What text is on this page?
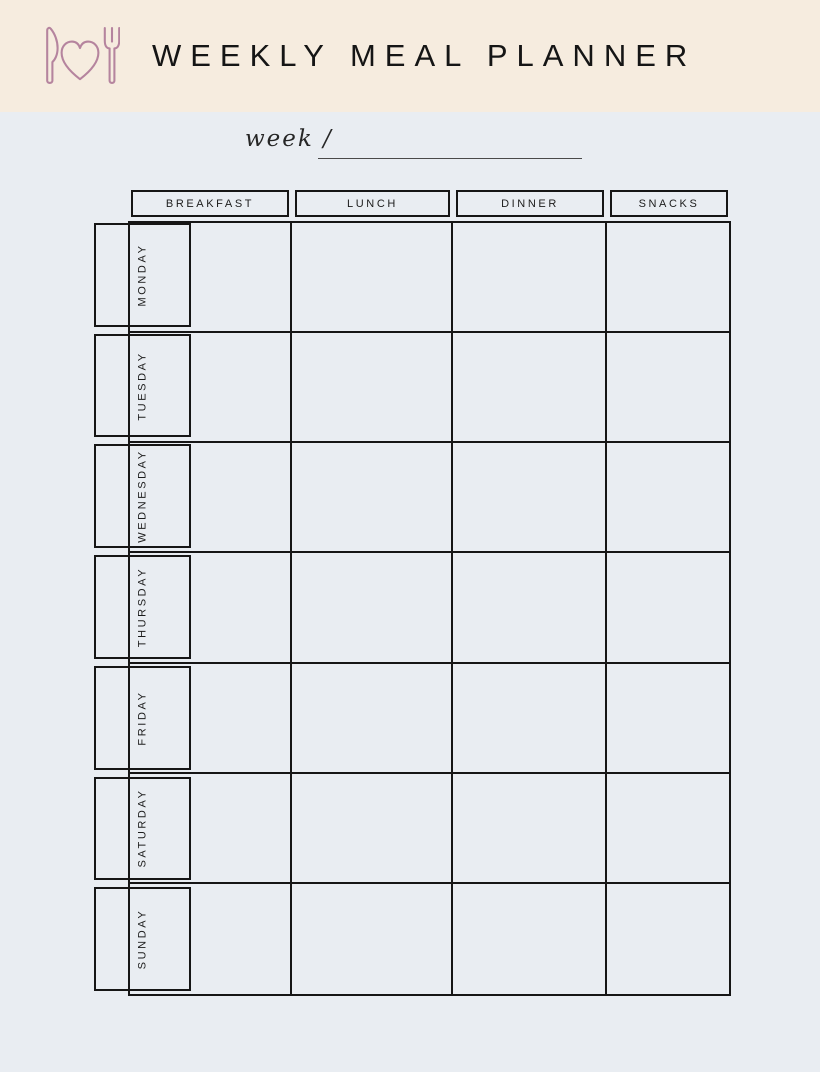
WEEKLY MEAL PLANNER
week /
BREAKFAST	LUNCH	DINNER	SNACKS
MONDAY
TUESDAY
WEDNESDAY
THURSDAY
FRIDAY
SATURDAY
SUNDAY
